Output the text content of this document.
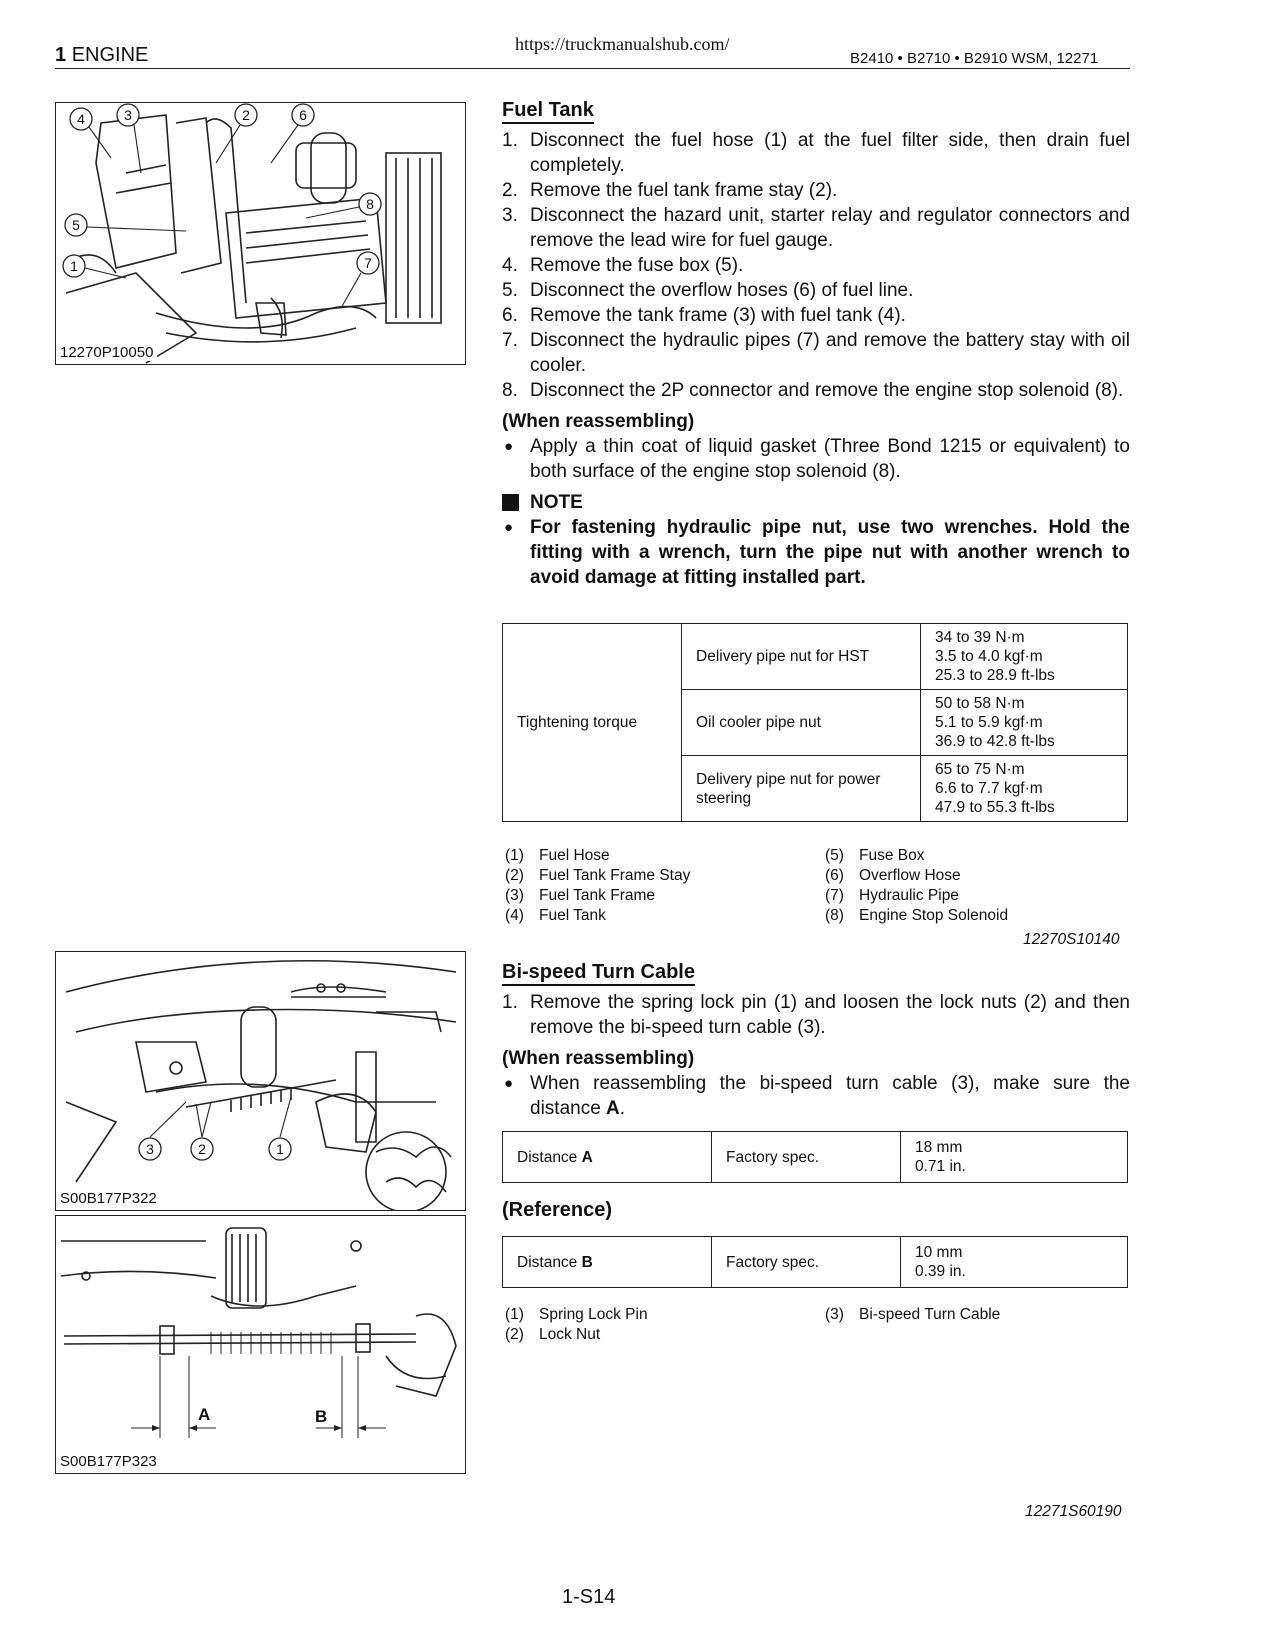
1 ENGINE	https://truckmanualshub.com/
B2410 • B2710 • B2910 WSM, 12271
4	3	2	6
5
1
8
7
12270P10050
3	2	1
S00B177P322
A	B
S00B177P323
Fuel Tank
1. Disconnect the fuel hose (1) at the fuel filter side, then drain fuel completely.
2. Remove the fuel tank frame stay (2).
3. Disconnect the hazard unit, starter relay and regulator connectors and remove the lead wire for fuel gauge.
4. Remove the fuse box (5).
5. Disconnect the overflow hoses (6) of fuel line.
6. Remove the tank frame (3) with fuel tank (4).
7. Disconnect the hydraulic pipes (7) and remove the battery stay with oil cooler.
8. Disconnect the 2P connector and remove the engine stop solenoid (8).
(When reassembling)
● Apply a thin coat of liquid gasket (Three Bond 1215 or equivalent) to both surface of the engine stop solenoid (8).
NOTE
● For fastening hydraulic pipe nut, use two wrenches. Hold the fitting with a wrench, turn the pipe nut with another wrench to avoid damage at fitting installed part.
Tightening torque	Delivery pipe nut for HST	34 to 39 N·m
3.5 to 4.0 kgf·m
25.3 to 28.9 ft-lbs
	Oil cooler pipe nut	50 to 58 N·m
5.1 to 5.9 kgf·m
36.9 to 42.8 ft-lbs
	Delivery pipe nut for power steering	65 to 75 N·m
6.6 to 7.7 kgf·m
47.9 to 55.3 ft-lbs
(1) Fuel Hose
(2) Fuel Tank Frame Stay
(3) Fuel Tank Frame
(4) Fuel Tank
(5) Fuse Box
(6) Overflow Hose
(7) Hydraulic Pipe
(8) Engine Stop Solenoid
12270S10140
Bi-speed Turn Cable
1. Remove the spring lock pin (1) and loosen the lock nuts (2) and then remove the bi-speed turn cable (3).
(When reassembling)
● When reassembling the bi-speed turn cable (3), make sure the distance A.
Distance A	Factory spec.	18 mm
0.71 in.
(Reference)
Distance B	Factory spec.	10 mm
0.39 in.
(1) Spring Lock Pin
(2) Lock Nut
(3) Bi-speed Turn Cable
12271S60190
1-S14
